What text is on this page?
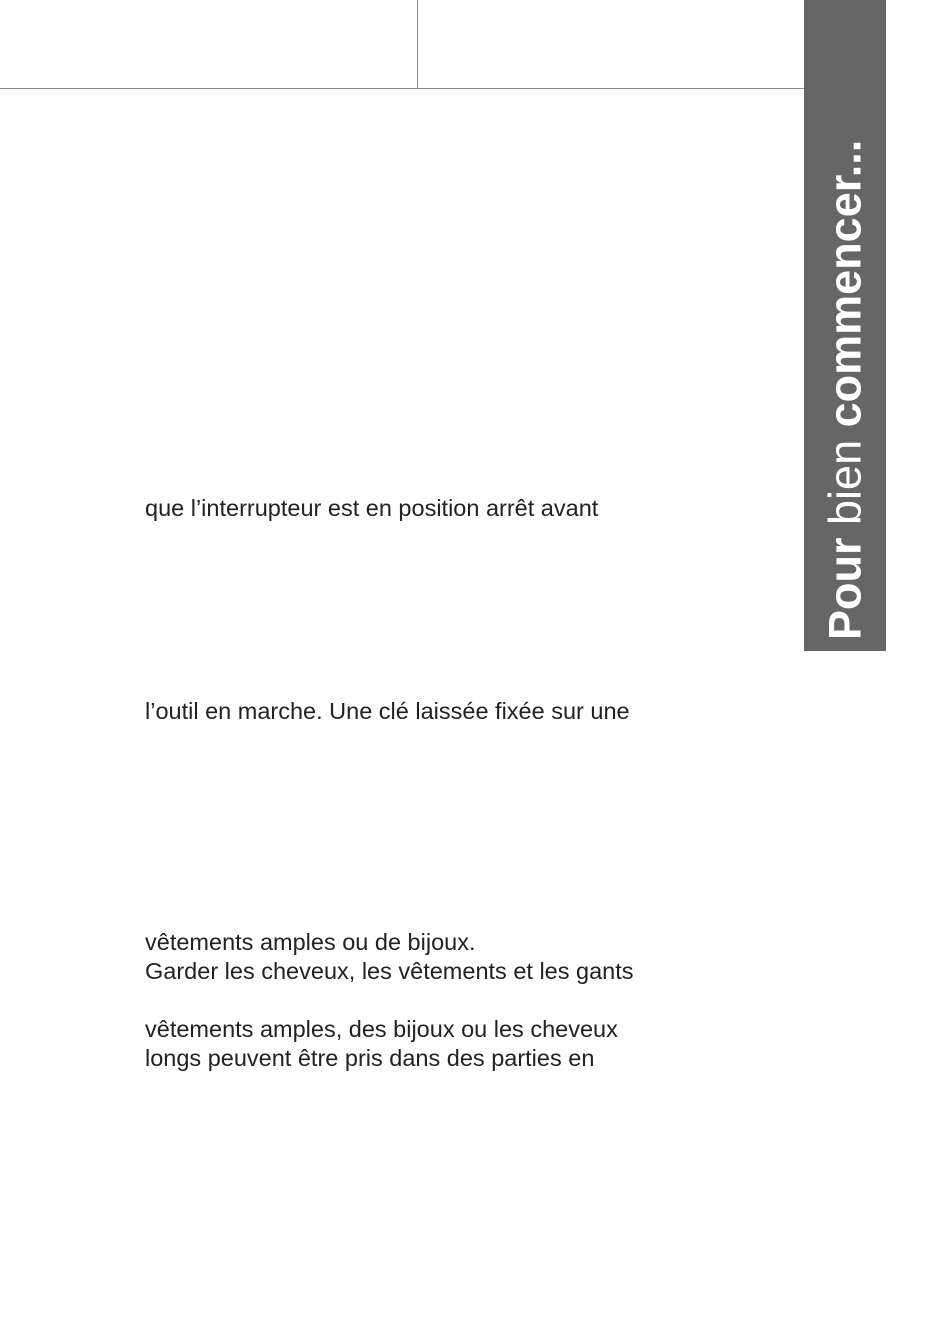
Pour bien commencer...

que l’interrupteur est en position arrêt avant

l’outil en marche. Une clé laissée fixée sur une

vêtements amples ou de bijoux.

Garder les cheveux, les vêtements et les gants

vêtements amples, des bijoux ou les cheveux

longs peuvent être pris dans des parties en
